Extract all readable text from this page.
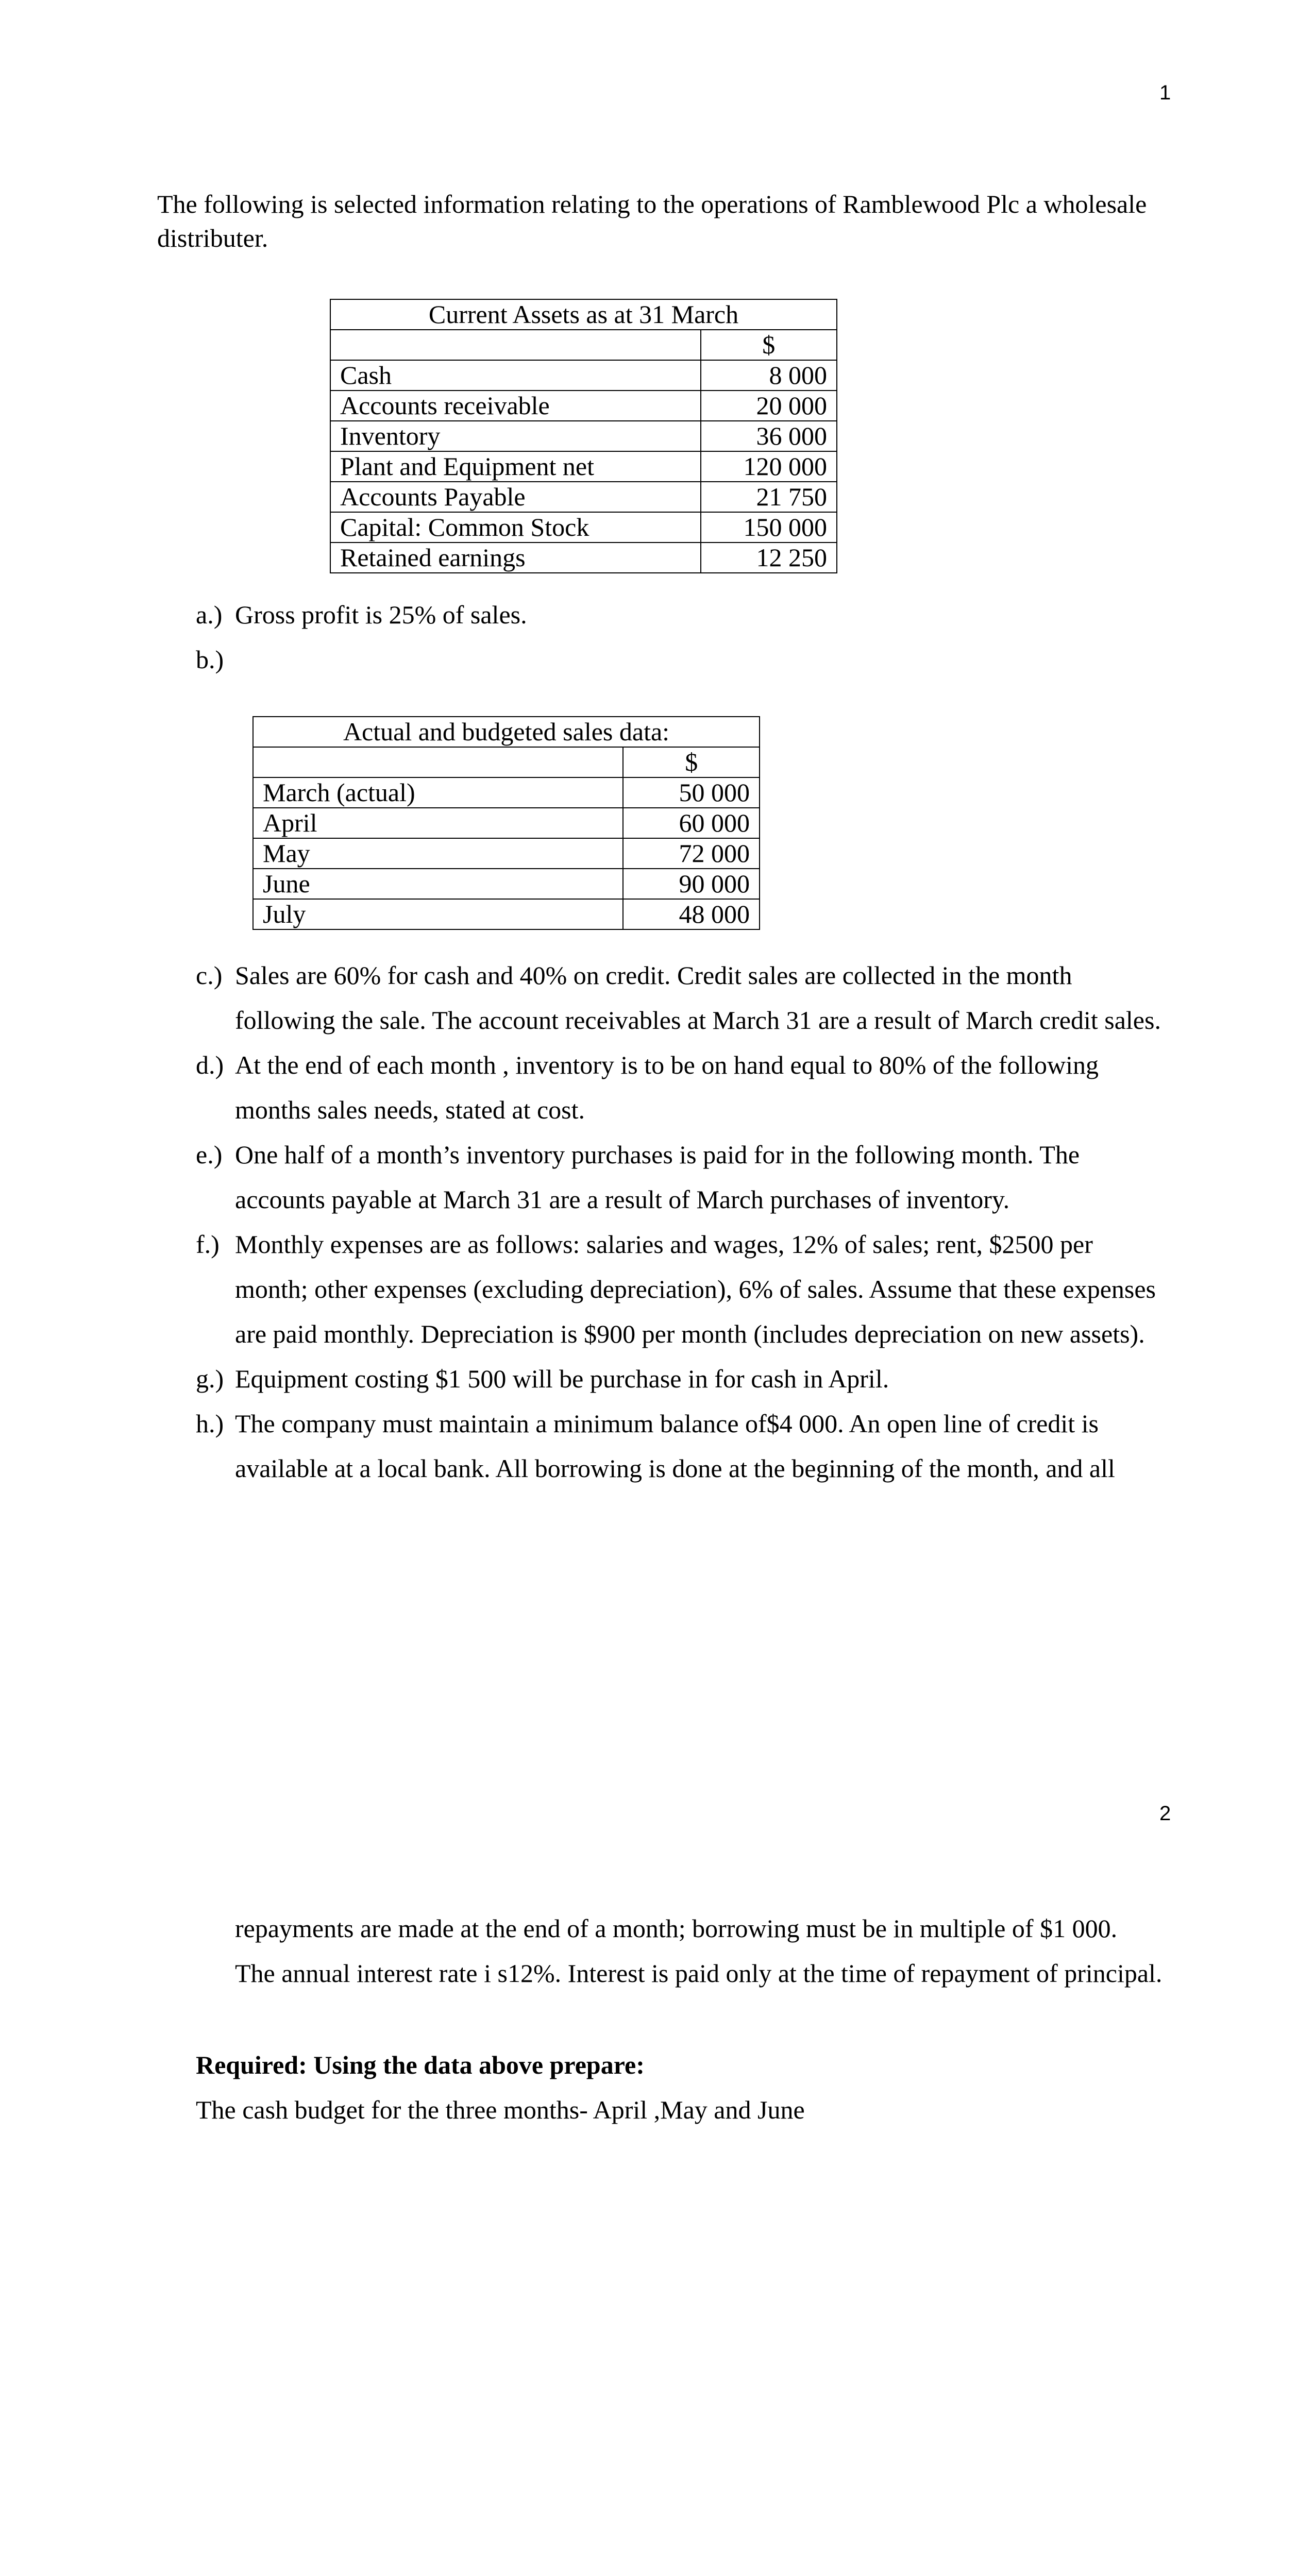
1
The following is selected information relating to the operations of Ramblewood Plc a wholesale
distributer.
Current Assets as at 31 March	
	$
Cash	8 000
Accounts receivable	20 000
Inventory	36 000
Plant and Equipment net	120 000
Accounts Payable	21 750
Capital: Common Stock	150 000
Retained earnings	12 250
a.) Gross profit is 25% of sales.
b.)
Actual and budgeted sales data:	
	$
March (actual)	50 000
April	60 000
May	72 000
June	90 000
July	48 000
c.) Sales are 60% for cash and 40% on credit. Credit sales are collected in the month
following the sale. The account receivables at March 31 are a result of March credit sales.
d.) At the end of each month , inventory is to be on hand equal to 80% of the following
months sales needs, stated at cost.
e.) One half of a month’s inventory purchases is paid for in the following month. The
accounts payable at March 31 are a result of March purchases of inventory.
f.) Monthly expenses are as follows: salaries and wages, 12% of sales; rent, $2500 per
month; other expenses (excluding depreciation), 6% of sales. Assume that these expenses
are paid monthly. Depreciation is $900 per month (includes depreciation on new assets).
g.) Equipment costing $1 500 will be purchase in for cash in April.
h.) The company must maintain a minimum balance of$4 000. An open line of credit is
available at a local bank. All borrowing is done at the beginning of the month, and all
2
repayments are made at the end of a month; borrowing must be in multiple of $1 000.
The annual interest rate i s12%. Interest is paid only at the time of repayment of principal.
Required: Using the data above prepare:
The cash budget for the three months- April ,May and June
